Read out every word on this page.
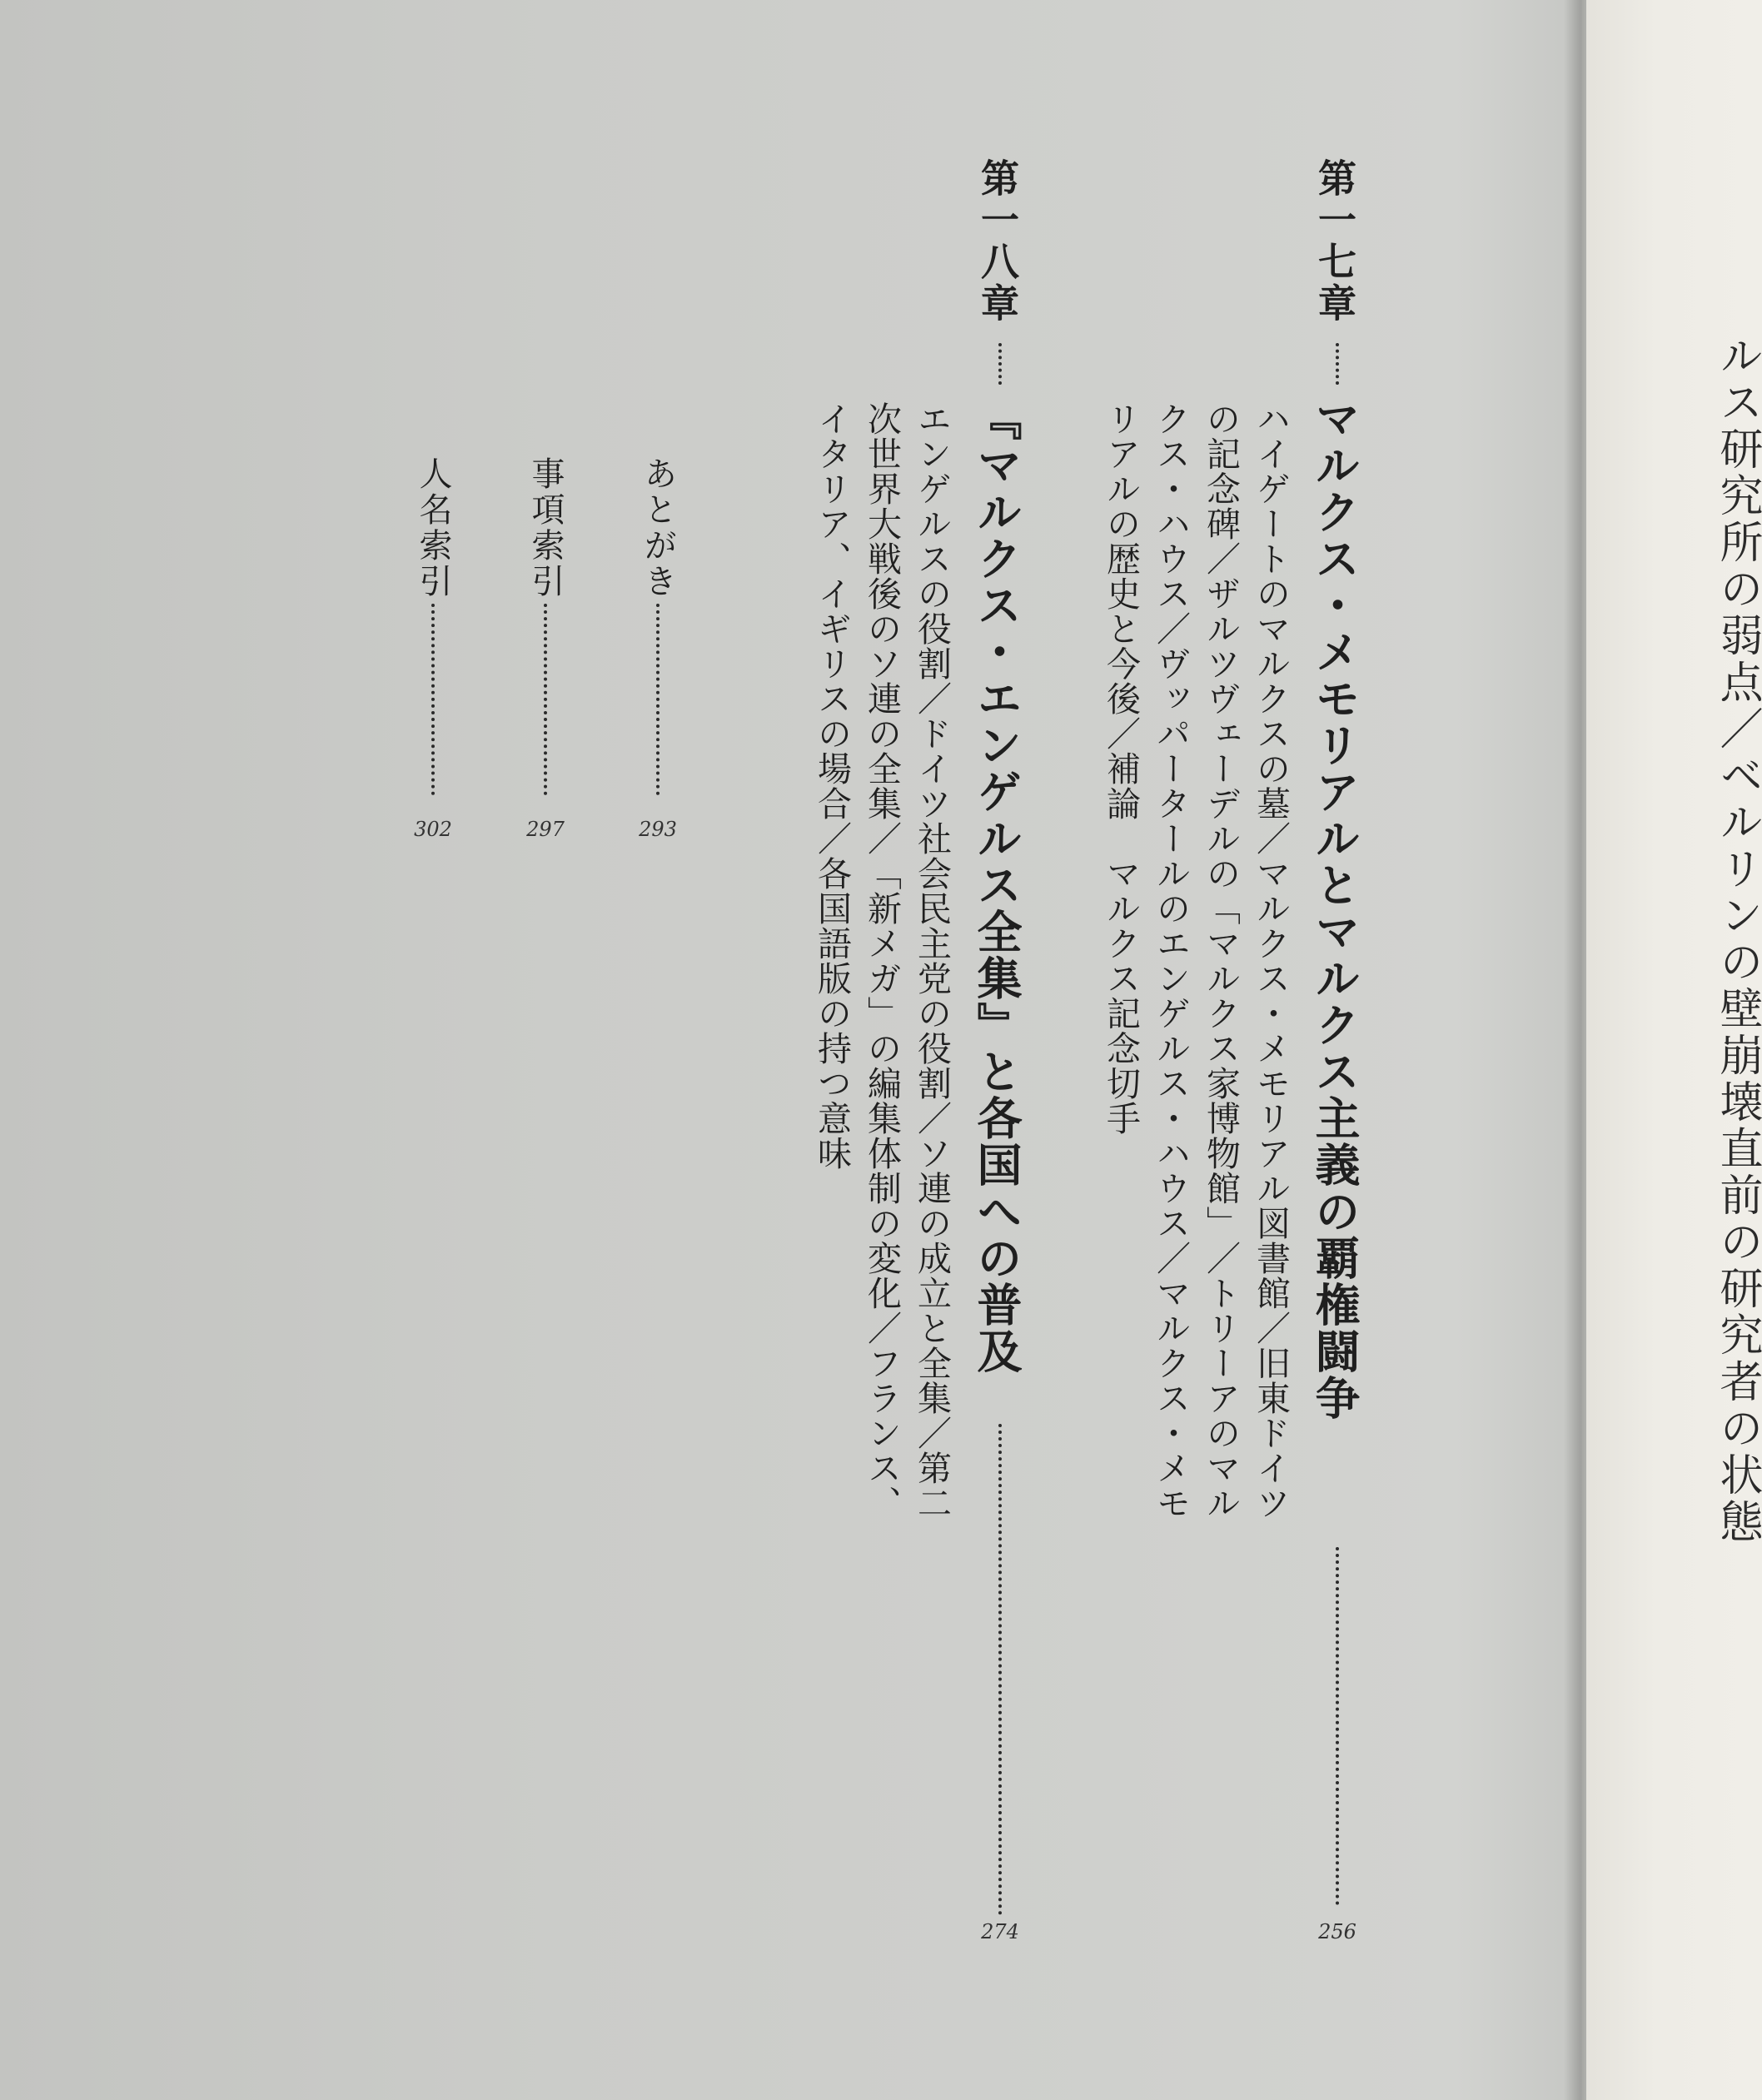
第一七章
マルクス・メモリアルとマルクス主義の覇権闘争
256
ハイゲートのマルクスの墓／マルクス・メモリアル図書館／旧東ドイツ
の記念碑／ザルツヴェーデルの「マルクス家博物館」／トリーアのマル
クス・ハウス／ヴッパータールのエンゲルス・ハウス／マルクス・メモ
リアルの歴史と今後／補論　マルクス記念切手
第一八章
『マルクス・エンゲルス全集』と各国への普及
274
エンゲルスの役割／ドイツ社会民主党の役割／ソ連の成立と全集／第二
次世界大戦後のソ連の全集／「新メガ」の編集体制の変化／フランス、
イタリア、イギリスの場合／各国語版の持つ意味
あとがき
293
事項索引
297
人名索引
302	ルス研究所の弱点／ベルリンの壁崩壊直前の研究者の状態
